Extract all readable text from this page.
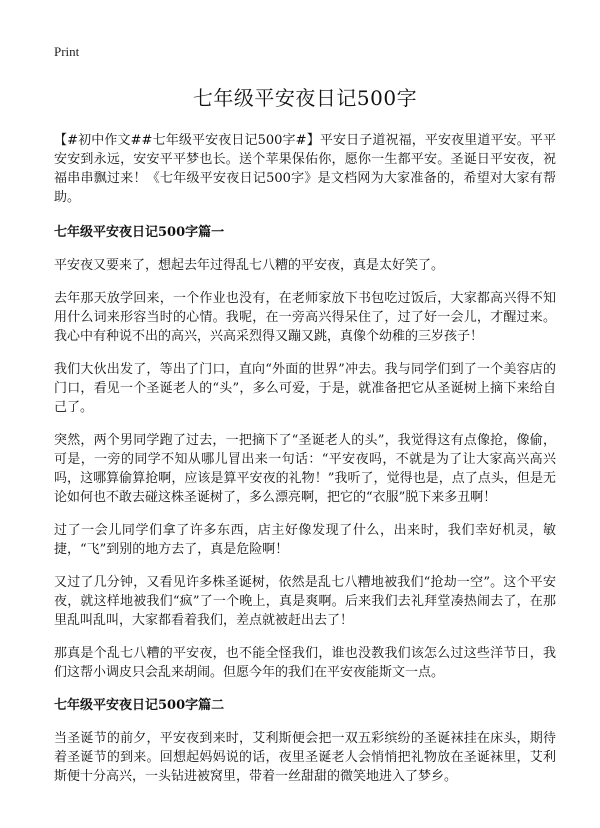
Print
七年级平安夜日记500字

【#初中作文##七年级平安夜日记500字#】平安日子道祝福，平安夜里道平安。平平安安到永远，安安平平梦也长。送个苹果保佑你，愿你一生都平安。圣诞日平安夜，祝福串串飘过来！《七年级平安夜日记500字》是文档网为大家准备的，希望对大家有帮助。

七年级平安夜日记500字篇一

平安夜又要来了，想起去年过得乱七八糟的平安夜，真是太好笑了。

去年那天放学回来，一个作业也没有，在老师家放下书包吃过饭后，大家都高兴得不知用什么词来形容当时的心情。我呢，在一旁高兴得呆住了，过了好一会儿，才醒过来。我心中有种说不出的高兴，兴高采烈得又蹦又跳，真像个幼稚的三岁孩子！

我们大伙出发了，等出了门口，直向“外面的世界”冲去。我与同学们到了一个美容店的门口，看见一个圣诞老人的“头”，多么可爱，于是，就准备把它从圣诞树上摘下来给自己了。

突然，两个男同学跑了过去，一把摘下了“圣诞老人的头”，我觉得这有点像抢，像偷，可是，一旁的同学不知从哪儿冒出来一句话：“平安夜吗，不就是为了让大家高兴高兴吗，这哪算偷算抢啊，应该是算平安夜的礼物！”我听了，觉得也是，点了点头，但是无论如何也不敢去碰这株圣诞树了，多么漂亮啊，把它的“衣服”脱下来多丑啊！

过了一会儿同学们拿了许多东西，店主好像发现了什么，出来时，我们幸好机灵，敏捷，“飞”到别的地方去了，真是危险啊！

又过了几分钟，又看见许多株圣诞树，依然是乱七八糟地被我们“抢劫一空”。这个平安夜，就这样地被我们“疯”了一个晚上，真是爽啊。后来我们去礼拜堂凑热闹去了，在那里乱叫乱叫，大家都看着我们，差点就被赶出去了！

那真是个乱七八糟的平安夜，也不能全怪我们，谁也没教我们该怎么过这些洋节日，我们这帮小调皮只会乱来胡闹。但愿今年的我们在平安夜能斯文一点。

七年级平安夜日记500字篇二

当圣诞节的前夕，平安夜到来时，艾利斯便会把一双五彩缤纷的圣诞袜挂在床头，期待着圣诞节的到来。回想起妈妈说的话，夜里圣诞老人会悄悄把礼物放在圣诞袜里，艾利斯便十分高兴，一头钻进被窝里，带着一丝甜甜的微笑地进入了梦乡。
